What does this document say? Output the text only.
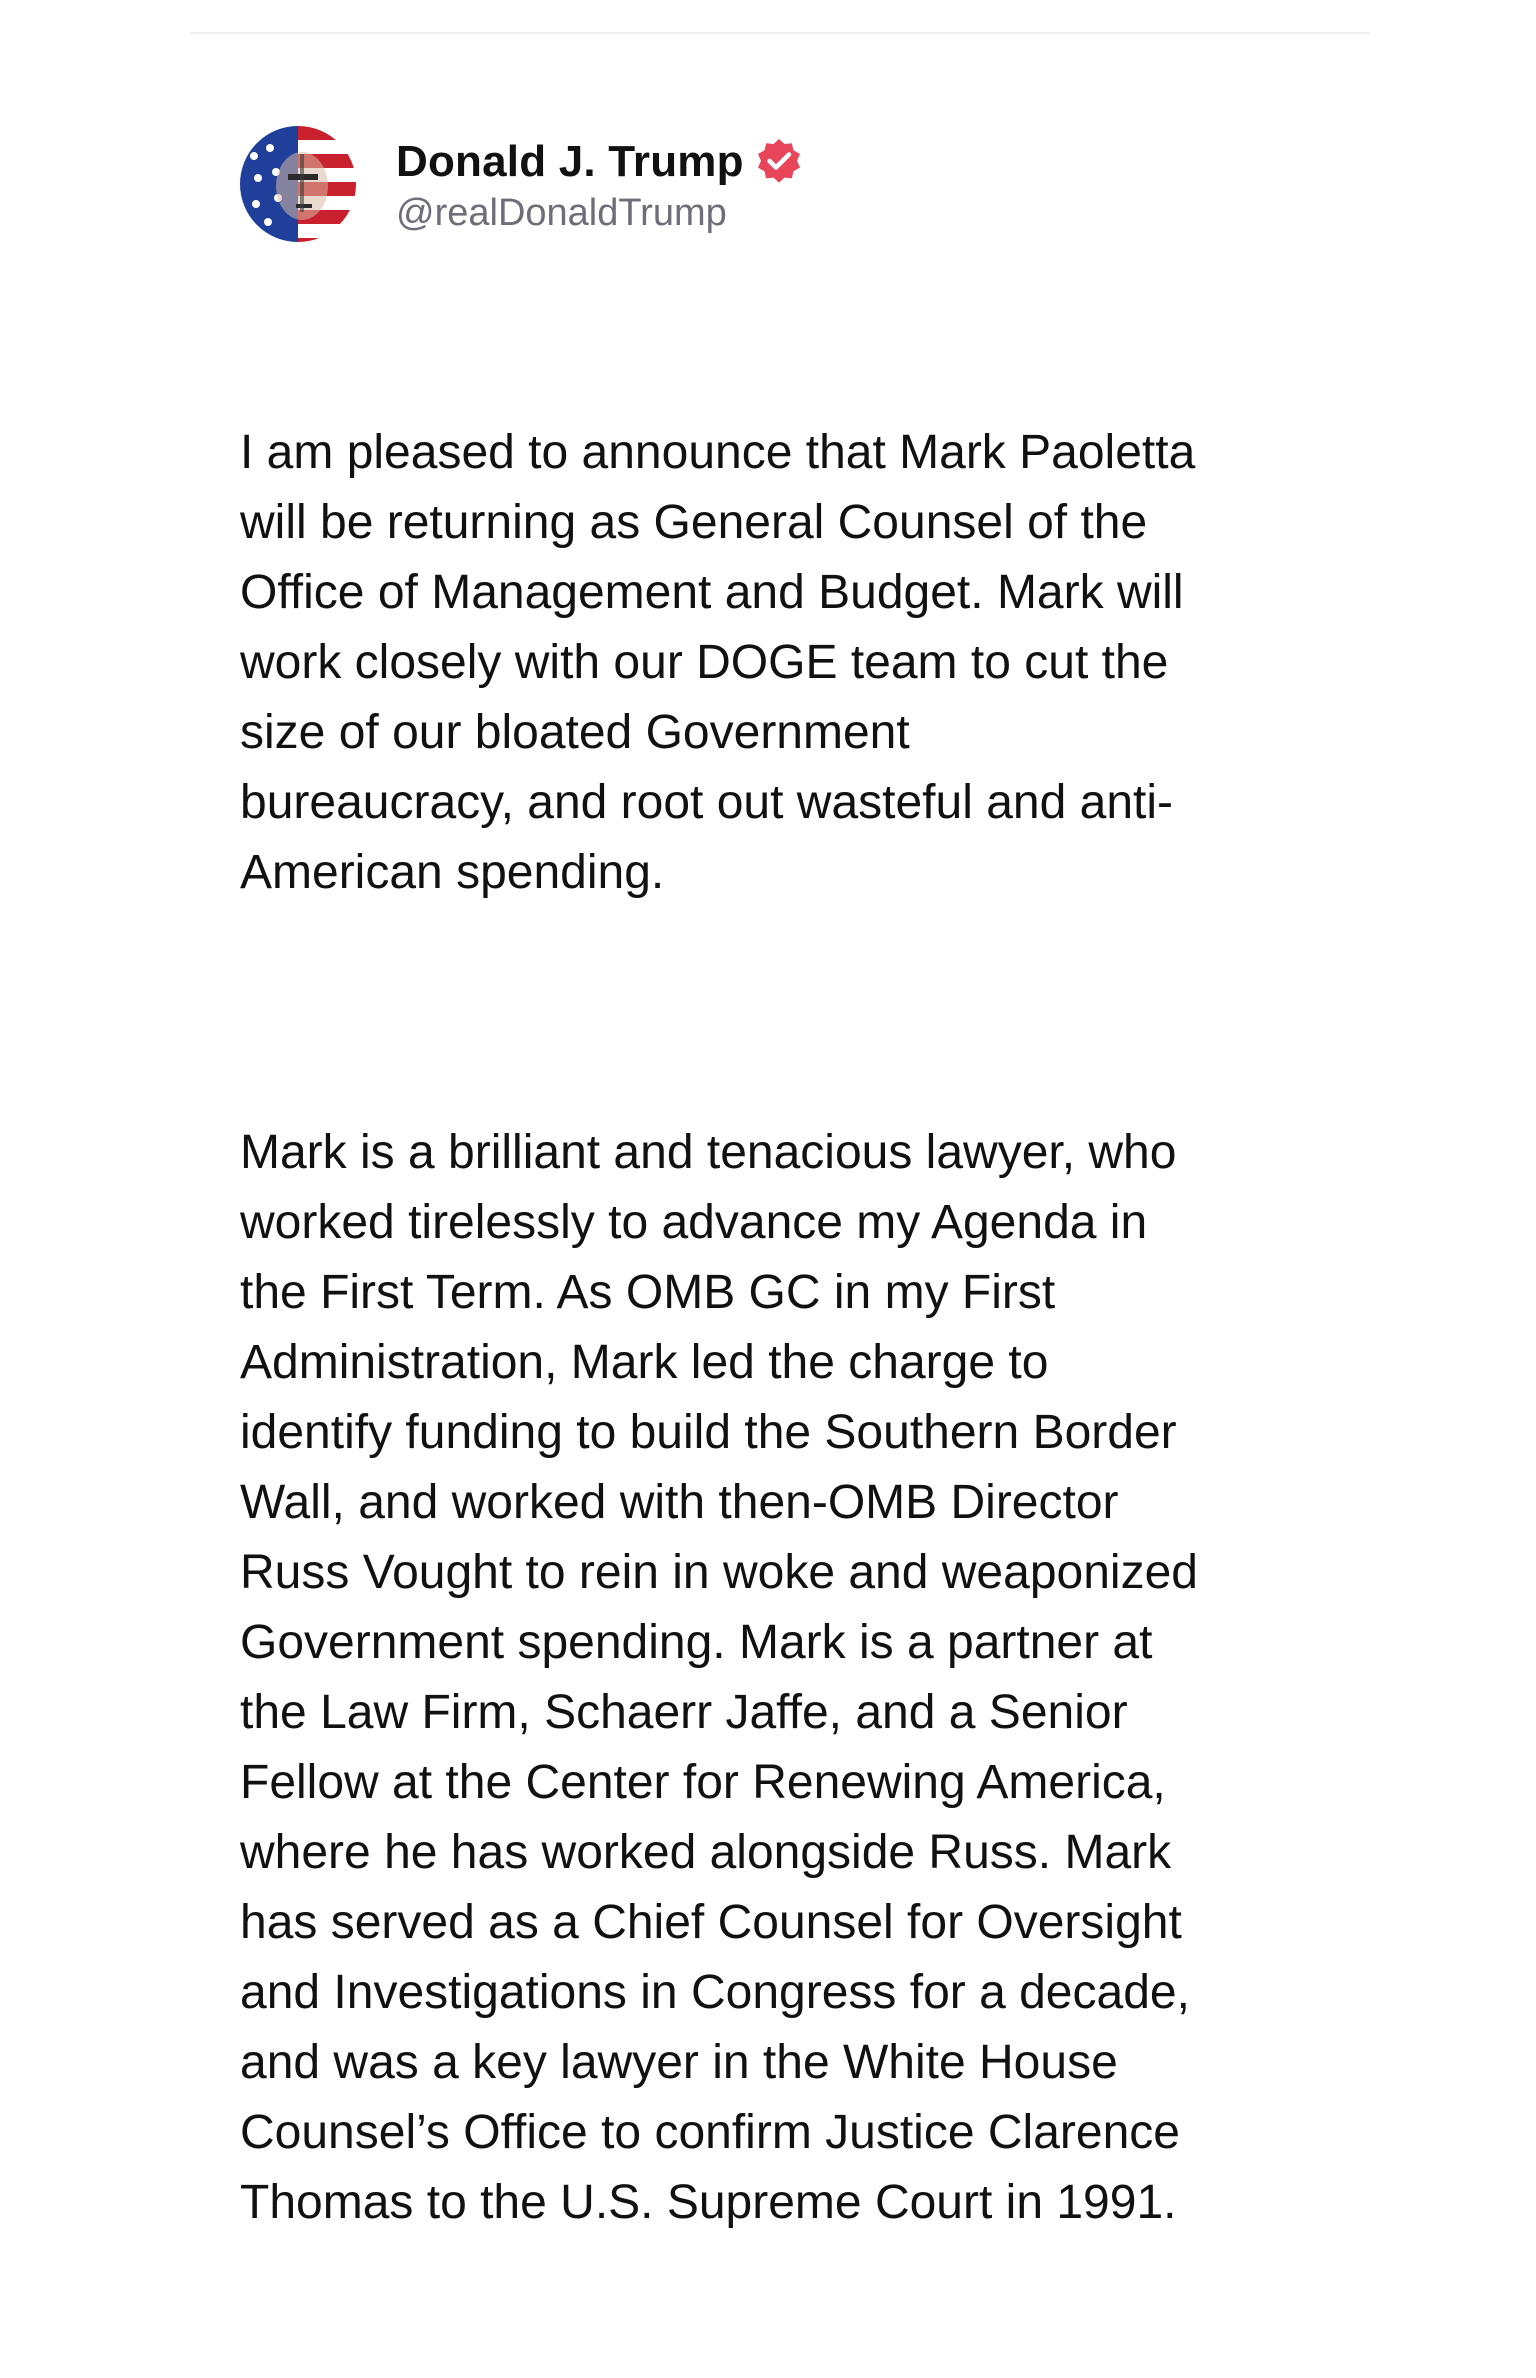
Donald J. Trump
@realDonaldTrump

I am pleased to announce that Mark Paoletta
will be returning as General Counsel of the
Office of Management and Budget. Mark will
work closely with our DOGE team to cut the
size of our bloated Government
bureaucracy, and root out wasteful and anti-
American spending.

Mark is a brilliant and tenacious lawyer, who
worked tirelessly to advance my Agenda in
the First Term. As OMB GC in my First
Administration, Mark led the charge to
identify funding to build the Southern Border
Wall, and worked with then-OMB Director
Russ Vought to rein in woke and weaponized
Government spending. Mark is a partner at
the Law Firm, Schaerr Jaffe, and a Senior
Fellow at the Center for Renewing America,
where he has worked alongside Russ. Mark
has served as a Chief Counsel for Oversight
and Investigations in Congress for a decade,
and was a key lawyer in the White House
Counsel’s Office to confirm Justice Clarence
Thomas to the U.S. Supreme Court in 1991.
